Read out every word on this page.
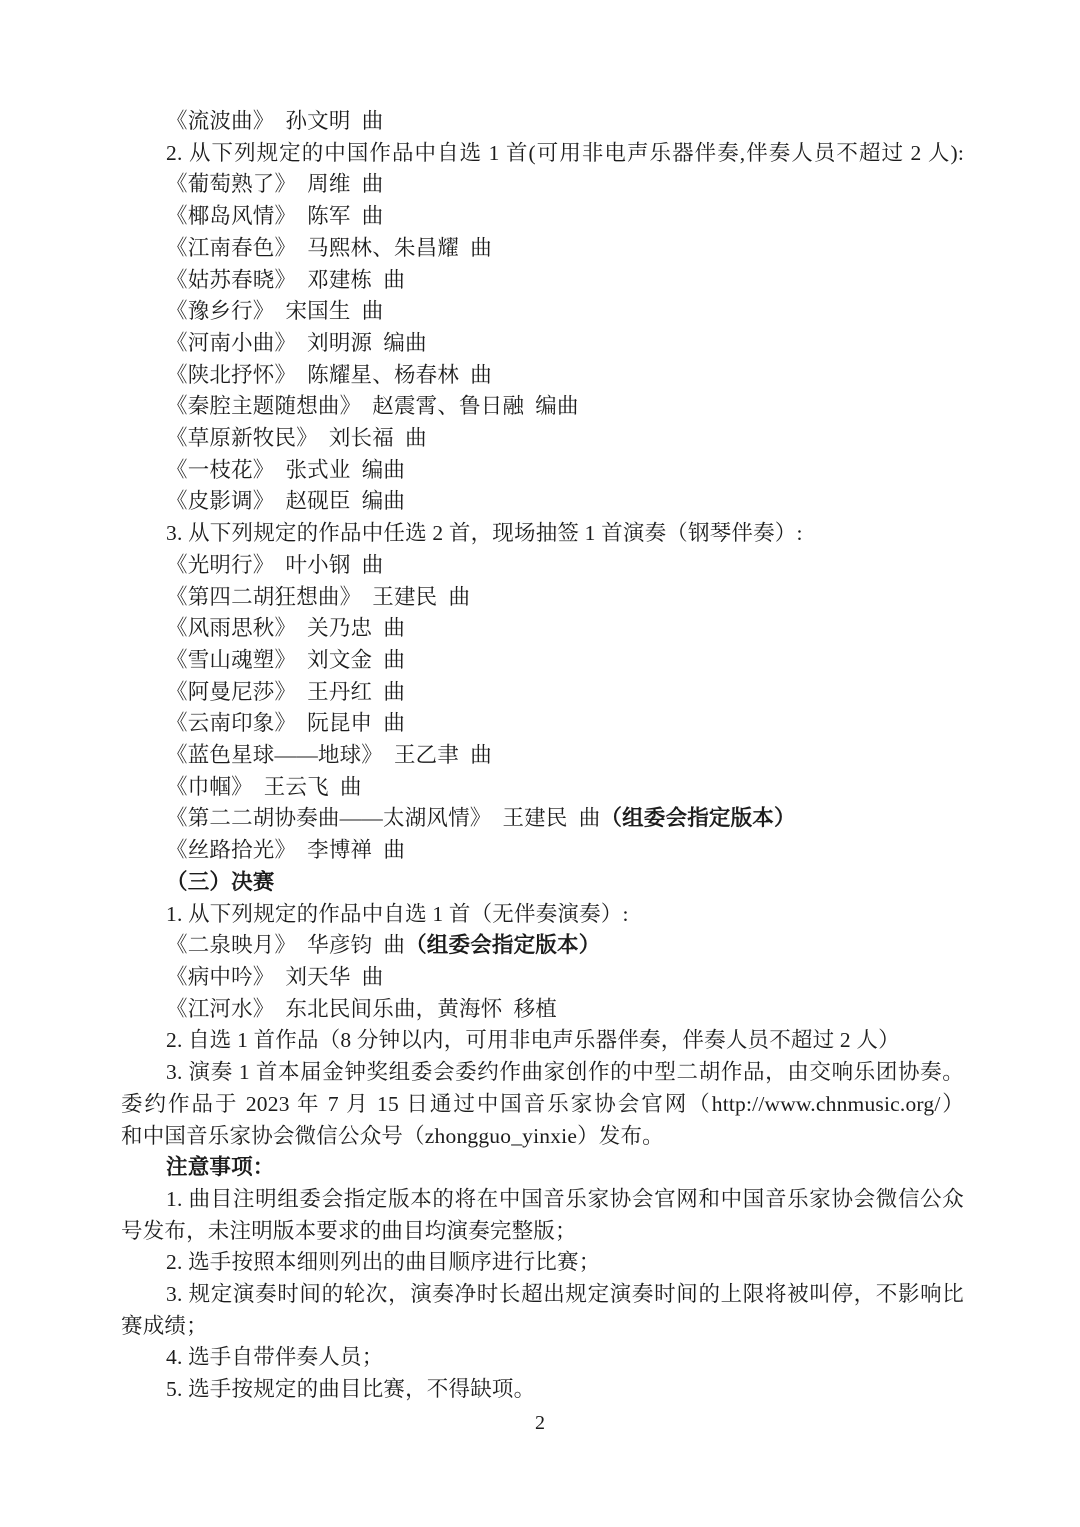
《流波曲》　孙文明  曲
2. 从下列规定的中国作品中自选 1 首(可用非电声乐器伴奏,伴奏人员不超过 2 人):
《葡萄熟了》　周维  曲
《椰岛风情》　陈军  曲
《江南春色》　马熙林、朱昌耀  曲
《姑苏春晓》　邓建栋  曲
《豫乡行》　宋国生  曲
《河南小曲》　刘明源  编曲
《陕北抒怀》　陈耀星、杨春林  曲
《秦腔主题随想曲》　赵震霄、鲁日融  编曲
《草原新牧民》　刘长福  曲
《一枝花》　张式业  编曲
《皮影调》　赵砚臣  编曲
3. 从下列规定的作品中任选 2 首，现场抽签 1 首演奏（钢琴伴奏）:
《光明行》　叶小钢  曲
《第四二胡狂想曲》　王建民  曲
《风雨思秋》　关乃忠  曲
《雪山魂塑》　刘文金  曲
《阿曼尼莎》　王丹红  曲
《云南印象》　阮昆申  曲
《蓝色星球——地球》　王乙聿  曲
《巾帼》　王云飞  曲
《第二二胡协奏曲——太湖风情》　王建民  曲（组委会指定版本）
《丝路拾光》　李博禅  曲
（三）决赛
1. 从下列规定的作品中自选 1 首（无伴奏演奏）:
《二泉映月》　华彦钧  曲（组委会指定版本）
《病中吟》　刘天华  曲
《江河水》　东北民间乐曲，黄海怀  移植
2. 自选 1 首作品（8 分钟以内，可用非电声乐器伴奏，伴奏人员不超过 2 人）
3. 演奏 1 首本届金钟奖组委会委约作曲家创作的中型二胡作品，由交响乐团协奏。
委约作品于 2023 年 7 月 15 日通过中国音乐家协会官网（http://www.chnmusic.org/）
和中国音乐家协会微信公众号（zhongguo_yinxie）发布。
注意事项：
1. 曲目注明组委会指定版本的将在中国音乐家协会官网和中国音乐家协会微信公众
号发布，未注明版本要求的曲目均演奏完整版；
2. 选手按照本细则列出的曲目顺序进行比赛；
3. 规定演奏时间的轮次，演奏净时长超出规定演奏时间的上限将被叫停，不影响比
赛成绩；
4. 选手自带伴奏人员；
5. 选手按规定的曲目比赛，不得缺项。
2
